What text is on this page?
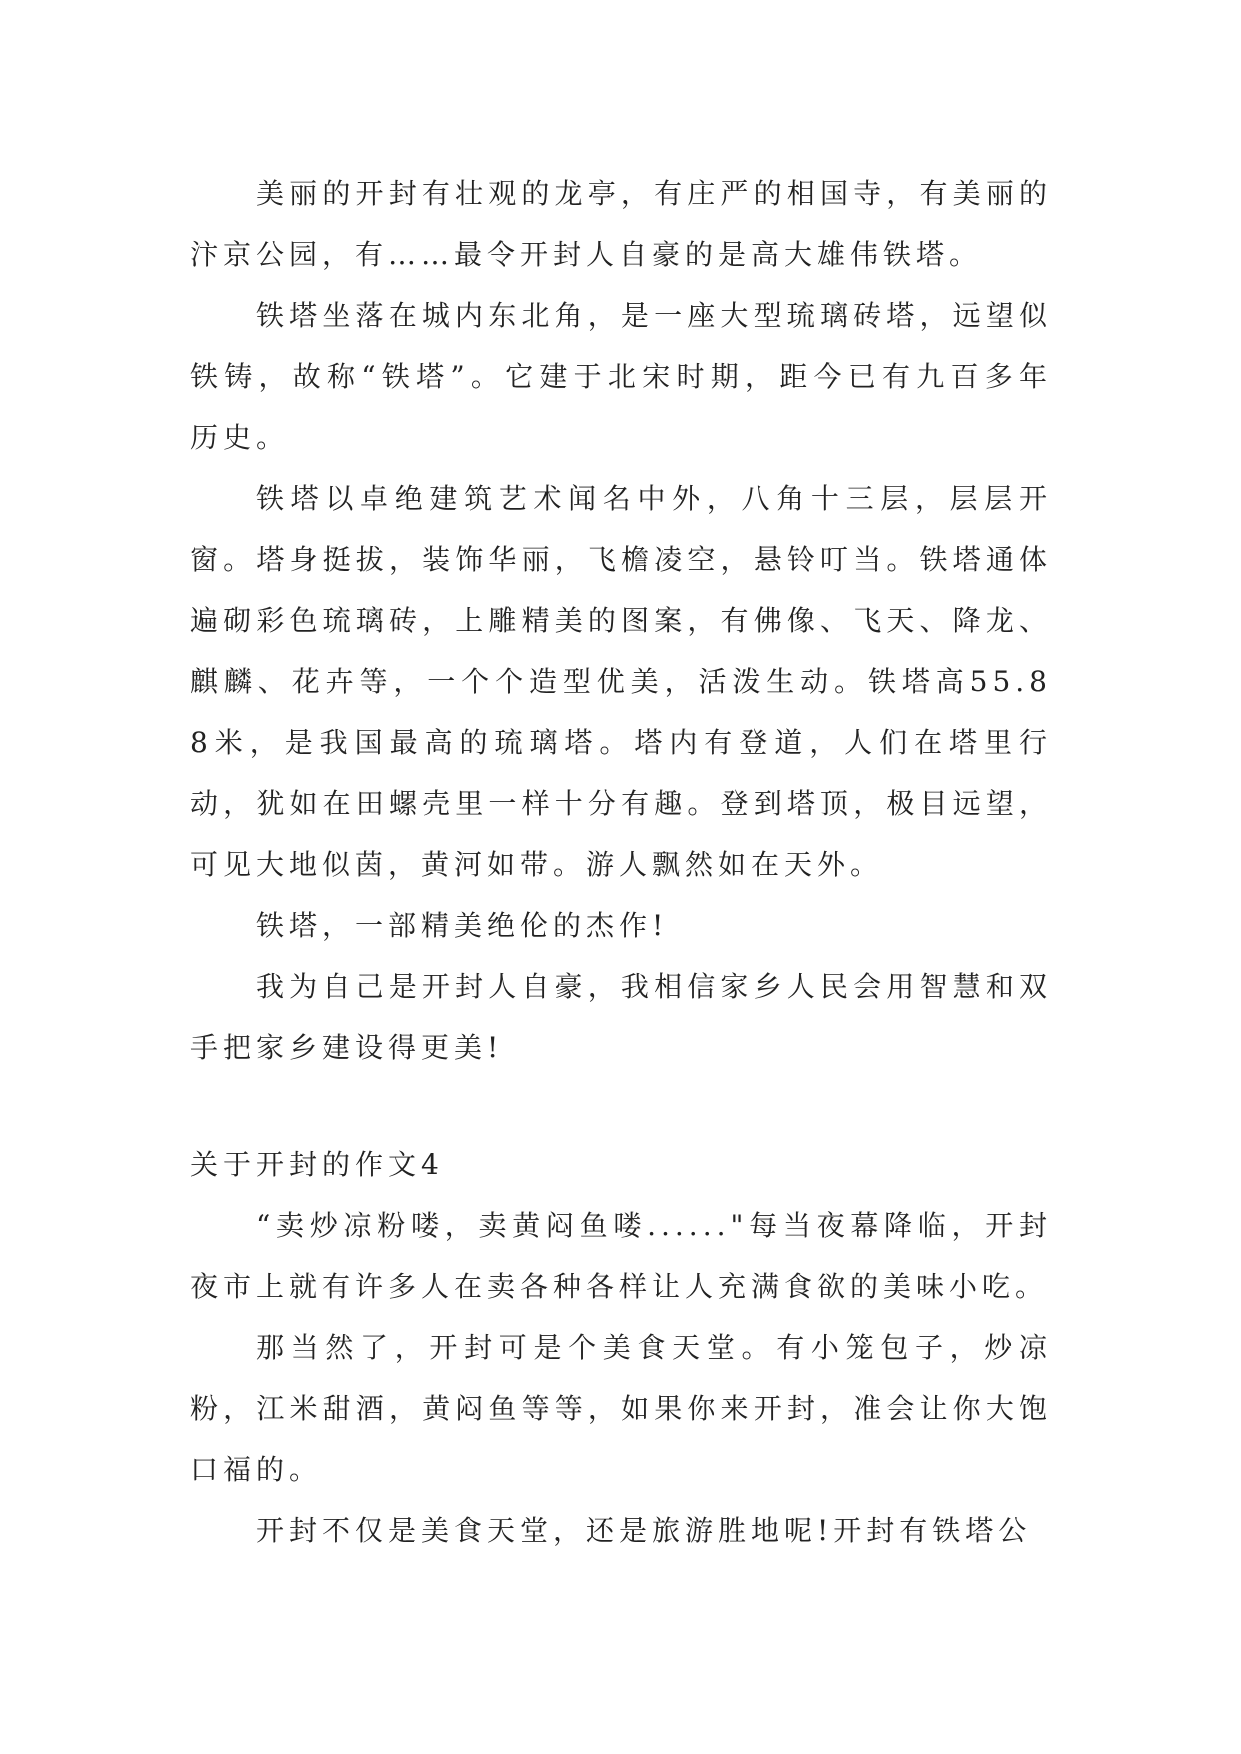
美丽的开封有壮观的龙亭，有庄严的相国寺，有美丽的汴京公园，有……最令开封人自豪的是高大雄伟铁塔。

铁塔坐落在城内东北角，是一座大型琉璃砖塔，远望似铁铸，故称“铁塔”。它建于北宋时期，距今已有九百多年历史。

铁塔以卓绝建筑艺术闻名中外，八角十三层，层层开窗。塔身挺拔，装饰华丽，飞檐凌空，悬铃叮当。铁塔通体遍砌彩色琉璃砖，上雕精美的图案，有佛像、飞天、降龙、麒麟、花卉等，一个个造型优美，活泼生动。铁塔高55.88米，是我国最高的琉璃塔。塔内有登道，人们在塔里行动，犹如在田螺壳里一样十分有趣。登到塔顶，极目远望，可见大地似茵，黄河如带。游人飘然如在天外。

铁塔，一部精美绝伦的杰作!

我为自己是开封人自豪，我相信家乡人民会用智慧和双手把家乡建设得更美!

关于开封的作文4

“卖炒凉粉喽，卖黄闷鱼喽......"每当夜幕降临，开封夜市上就有许多人在卖各种各样让人充满食欲的美味小吃。

那当然了，开封可是个美食天堂。有小笼包子，炒凉粉，江米甜酒，黄闷鱼等等，如果你来开封，准会让你大饱口福的。

开封不仅是美食天堂，还是旅游胜地呢!开封有铁塔公
